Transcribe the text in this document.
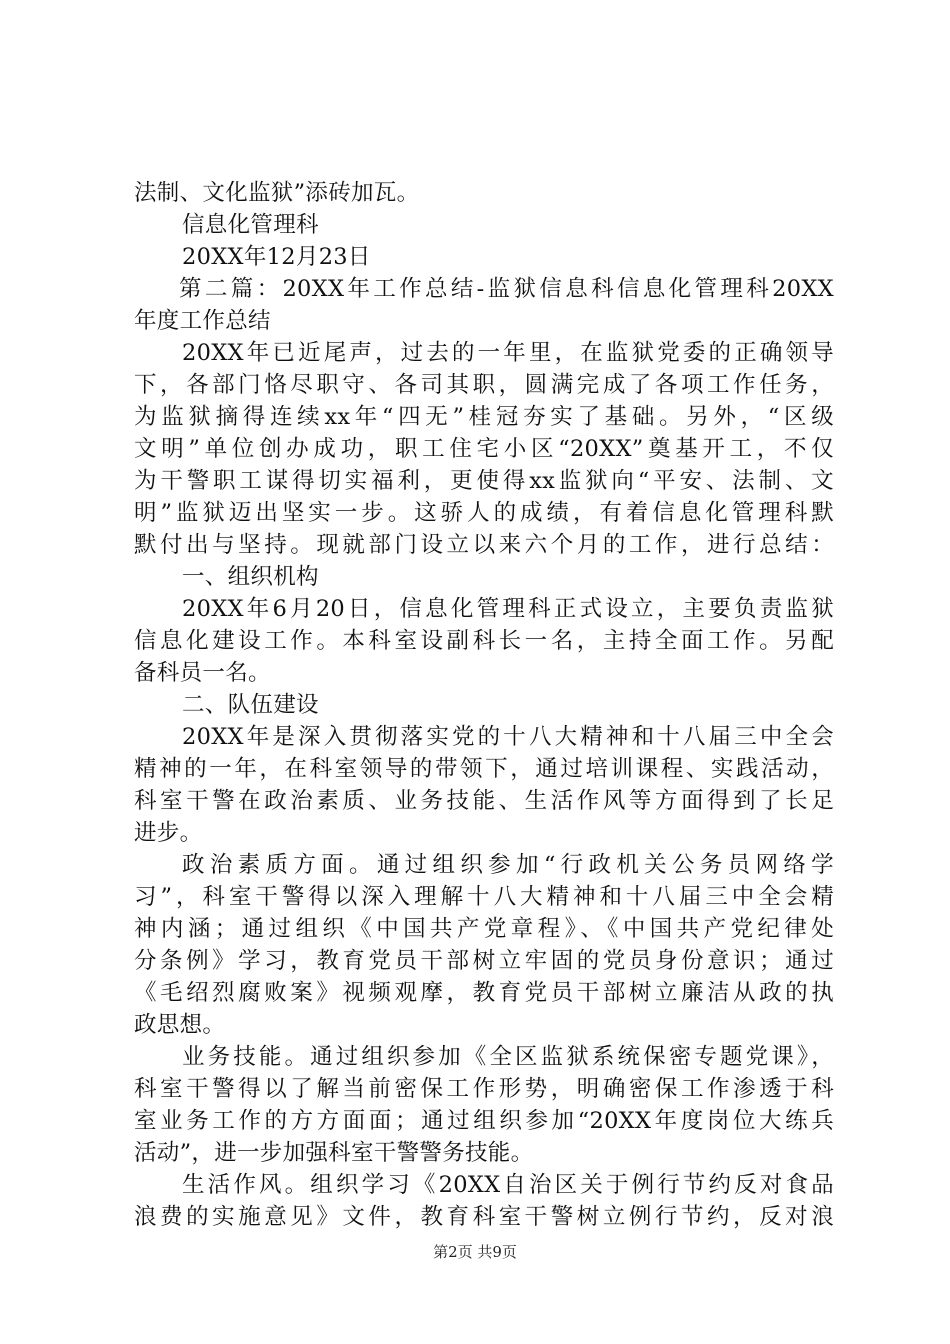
法制、文化监狱”添砖加瓦。
信息化管理科
20XX年12月23日
第二篇：20XX年工作总结-监狱信息科信息化管理科20XX
年度工作总结
20XX年已近尾声，过去的一年里，在监狱党委的正确领导
下，各部门恪尽职守、各司其职，圆满完成了各项工作任务，
为监狱摘得连续xx年“四无”桂冠夯实了基础。另外，“区级
文明”单位创办成功，职工住宅小区“20XX”奠基开工，不仅
为干警职工谋得切实福利，更使得xx监狱向“平安、法制、文
明”监狱迈出坚实一步。这骄人的成绩，有着信息化管理科默
默付出与坚持。现就部门设立以来六个月的工作，进行总结：
一、组织机构
20XX年6月20日，信息化管理科正式设立，主要负责监狱
信息化建设工作。本科室设副科长一名，主持全面工作。另配
备科员一名。
二、队伍建设
20XX年是深入贯彻落实党的十八大精神和十八届三中全会
精神的一年，在科室领导的带领下，通过培训课程、实践活动，
科室干警在政治素质、业务技能、生活作风等方面得到了长足
进步。
政治素质方面。通过组织参加“行政机关公务员网络学
习”，科室干警得以深入理解十八大精神和十八届三中全会精
神内涵；通过组织《中国共产党章程》、《中国共产党纪律处
分条例》学习，教育党员干部树立牢固的党员身份意识；通过
《毛绍烈腐败案》视频观摩，教育党员干部树立廉洁从政的执
政思想。
业务技能。通过组织参加《全区监狱系统保密专题党课》，
科室干警得以了解当前密保工作形势，明确密保工作渗透于科
室业务工作的方方面面；通过组织参加“20XX年度岗位大练兵
活动”，进一步加强科室干警警务技能。
生活作风。组织学习《20XX自治区关于例行节约反对食品
浪费的实施意见》文件，教育科室干警树立例行节约，反对浪
第2页 共9页
